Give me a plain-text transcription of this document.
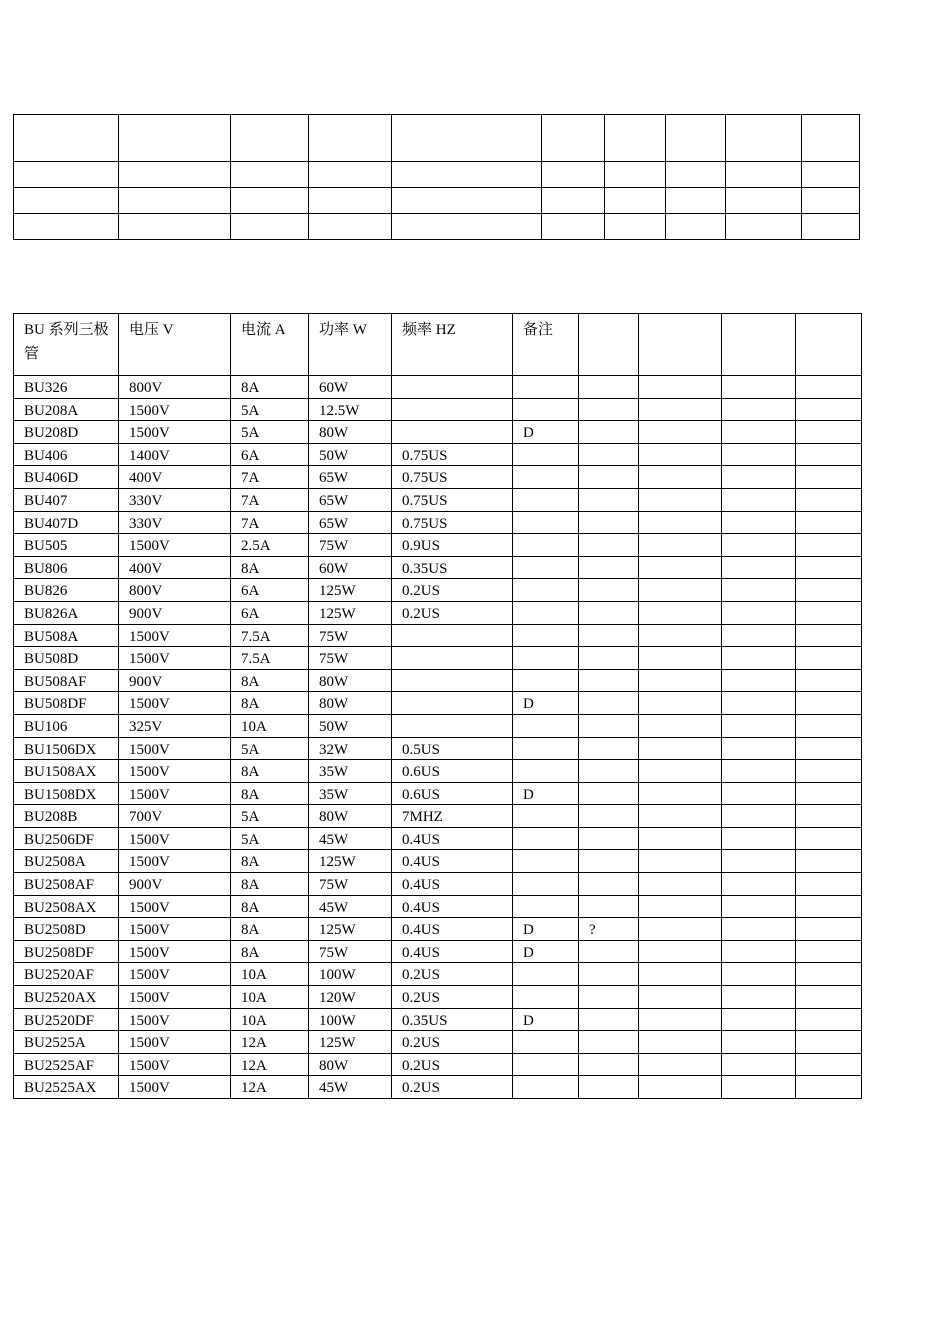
BU 系列三极管	电压 V	电流 A	功率 W	频率 HZ	备注				
BU326	800V	8A	60W						
BU208A	1500V	5A	12.5W						
BU208D	1500V	5A	80W		D				
BU406	1400V	6A	50W	0.75US					
BU406D	400V	7A	65W	0.75US					
BU407	330V	7A	65W	0.75US					
BU407D	330V	7A	65W	0.75US					
BU505	1500V	2.5A	75W	0.9US					
BU806	400V	8A	60W	0.35US					
BU826	800V	6A	125W	0.2US					
BU826A	900V	6A	125W	0.2US					
BU508A	1500V	7.5A	75W						
BU508D	1500V	7.5A	75W						
BU508AF	900V	8A	80W						
BU508DF	1500V	8A	80W		D				
BU106	325V	10A	50W						
BU1506DX	1500V	5A	32W	0.5US					
BU1508AX	1500V	8A	35W	0.6US					
BU1508DX	1500V	8A	35W	0.6US	D				
BU208B	700V	5A	80W	7MHZ					
BU2506DF	1500V	5A	45W	0.4US					
BU2508A	1500V	8A	125W	0.4US					
BU2508AF	900V	8A	75W	0.4US					
BU2508AX	1500V	8A	45W	0.4US					
BU2508D	1500V	8A	125W	0.4US	D	?			
BU2508DF	1500V	8A	75W	0.4US	D				
BU2520AF	1500V	10A	100W	0.2US					
BU2520AX	1500V	10A	120W	0.2US					
BU2520DF	1500V	10A	100W	0.35US	D				
BU2525A	1500V	12A	125W	0.2US					
BU2525AF	1500V	12A	80W	0.2US					
BU2525AX	1500V	12A	45W	0.2US					
